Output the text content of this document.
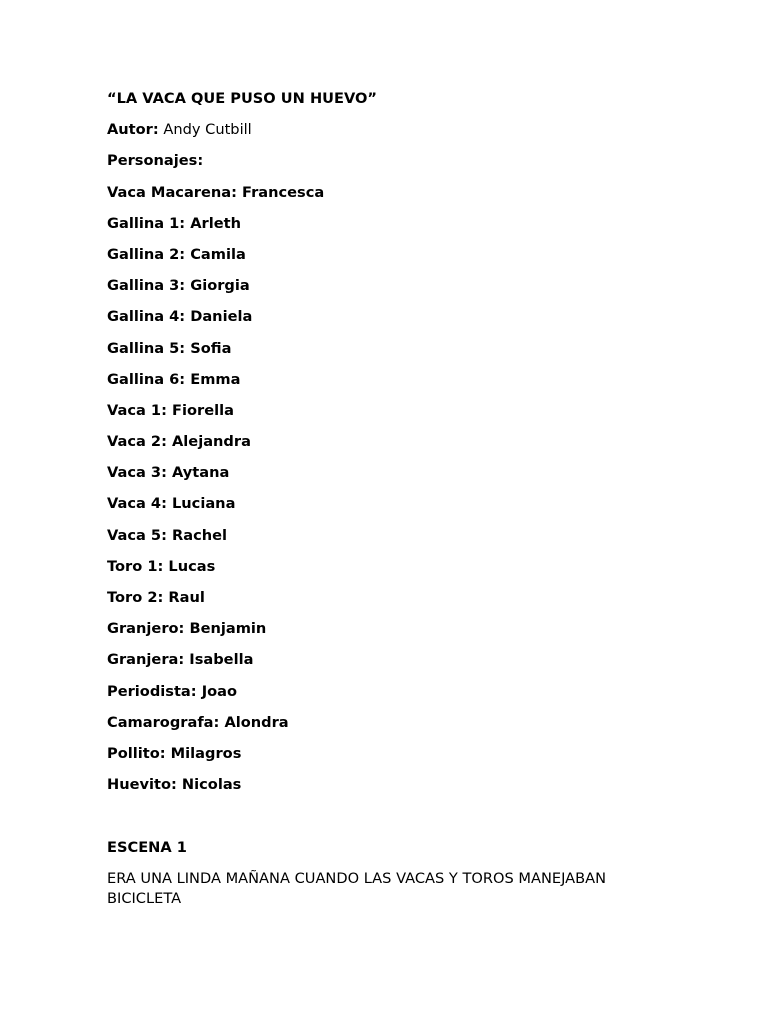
“LA VACA QUE PUSO UN HUEVO”
Autor: Andy Cutbill
Personajes:
Vaca Macarena: Francesca
Gallina 1: Arleth
Gallina 2: Camila
Gallina 3: Giorgia
Gallina 4: Daniela
Gallina 5: Sofia
Gallina 6: Emma
Vaca 1: Fiorella
Vaca 2: Alejandra
Vaca 3: Aytana
Vaca 4: Luciana
Vaca 5: Rachel
Toro 1: Lucas
Toro 2: Raul
Granjero: Benjamin
Granjera: Isabella
Periodista: Joao
Camarografa: Alondra
Pollito: Milagros
Huevito: Nicolas
ESCENA 1
ERA UNA LINDA MAÑANA CUANDO LAS VACAS Y TOROS MANEJABAN BICICLETA
